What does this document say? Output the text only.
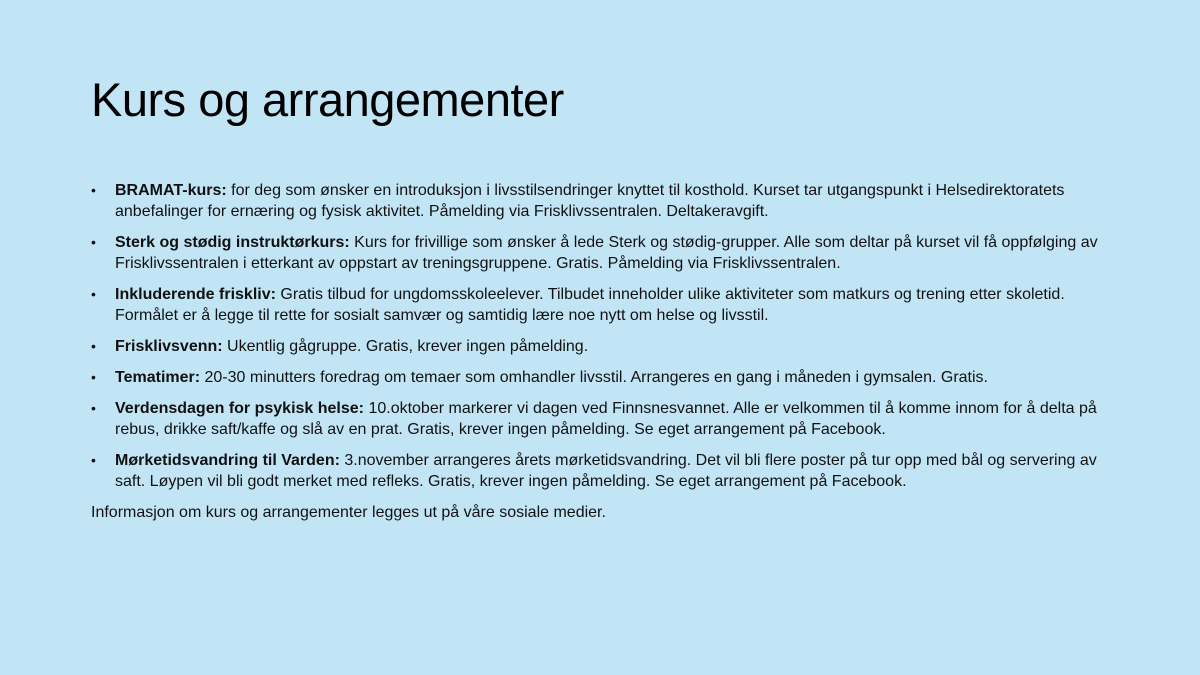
Kurs og arrangementer
• BRAMAT-kurs: for deg som ønsker en introduksjon i livsstilsendringer knyttet til kosthold. Kurset tar utgangspunkt i Helsedirektoratets anbefalinger for ernæring og fysisk aktivitet. Påmelding via Frisklivssentralen. Deltakeravgift.
• Sterk og stødig instruktørkurs: Kurs for frivillige som ønsker å lede Sterk og stødig-grupper. Alle som deltar på kurset vil få oppfølging av Frisklivssentralen i etterkant av oppstart av treningsgruppene. Gratis. Påmelding via Frisklivssentralen.
• Inkluderende friskliv: Gratis tilbud for ungdomsskoleelever. Tilbudet inneholder ulike aktiviteter som matkurs og trening etter skoletid. Formålet er å legge til rette for sosialt samvær og samtidig lære noe nytt om helse og livsstil.
• Frisklivsvenn: Ukentlig gågruppe. Gratis, krever ingen påmelding.
• Tematimer: 20-30 minutters foredrag om temaer som omhandler livsstil. Arrangeres en gang i måneden i gymsalen. Gratis.
• Verdensdagen for psykisk helse: 10.oktober markerer vi dagen ved Finnsnesvannet. Alle er velkommen til å komme innom for å delta på rebus, drikke saft/kaffe og slå av en prat. Gratis, krever ingen påmelding. Se eget arrangement på Facebook.
• Mørketidsvandring til Varden: 3.november arrangeres årets mørketidsvandring. Det vil bli flere poster på tur opp med bål og servering av saft. Løypen vil bli godt merket med refleks. Gratis, krever ingen påmelding. Se eget arrangement på Facebook.

Informasjon om kurs og arrangementer legges ut på våre sosiale medier.
